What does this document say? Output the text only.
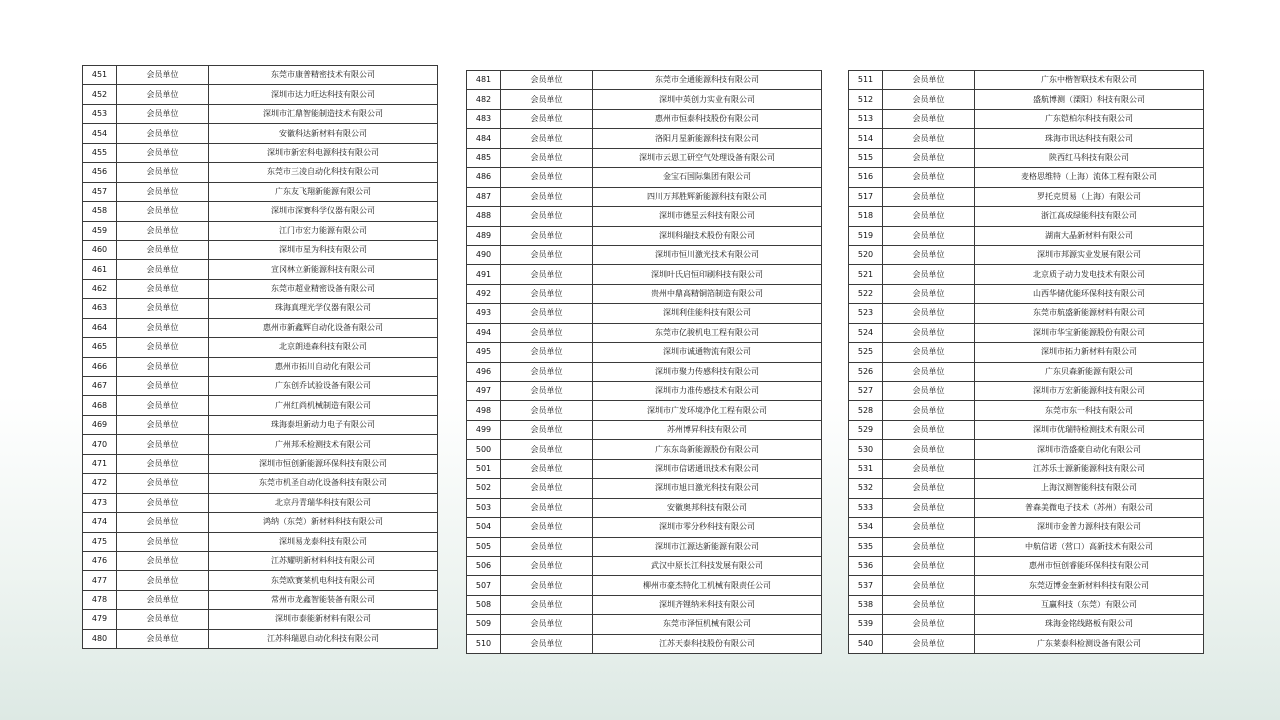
451	会员单位	东莞市康普精密技术有限公司
452	会员单位	深圳市达力旺达科技有限公司
453	会员单位	深圳市汇鼎智能制造技术有限公司
454	会员单位	安徽科达新材料有限公司
455	会员单位	深圳市新宏科电源科技有限公司
456	会员单位	东莞市三凌自动化科技有限公司
457	会员单位	广东友飞翔新能源有限公司
458	会员单位	深圳市深赛科学仪器有限公司
459	会员单位	江门市宏力能源有限公司
460	会员单位	深圳市星为科技有限公司
461	会员单位	宣冈林立新能源科技有限公司
462	会员单位	东莞市超业精密设备有限公司
463	会员单位	珠海真理光学仪器有限公司
464	会员单位	惠州市新鑫辉自动化设备有限公司
465	会员单位	北京朗逵森科技有限公司
466	会员单位	惠州市拓川自动化有限公司
467	会员单位	广东创乔试验设备有限公司
468	会员单位	广州红尚机械制造有限公司
469	会员单位	珠海泰坦新动力电子有限公司
470	会员单位	广州邦禾检测技术有限公司
471	会员单位	深圳市恒创新能源环保科技有限公司
472	会员单位	东莞市机圣自动化设备科技有限公司
473	会员单位	北京丹青瑞华科技有限公司
474	会员单位	鸿纳（东莞）新材料科技有限公司
475	会员单位	深圳易龙泰科技有限公司
476	会员单位	江苏耀明新材料科技有限公司
477	会员单位	东莞欧赛莱机电科技有限公司
478	会员单位	常州市龙鑫智能装备有限公司
479	会员单位	深圳市泰能新材料有限公司
480	会员单位	江苏科瑞恩自动化科技有限公司
481	会员单位	东莞市全通能源科技有限公司
482	会员单位	深圳中英创力实业有限公司
483	会员单位	惠州市恒泰科技股份有限公司
484	会员单位	洛阳月星新能源科技有限公司
485	会员单位	深圳市云恩工研空气处理设备有限公司
486	会员单位	金宝石国际集团有限公司
487	会员单位	四川万邦胜辉新能源科技有限公司
488	会员单位	深圳市德星云科技有限公司
489	会员单位	深圳科瑞技术股份有限公司
490	会员单位	深圳市恒川激光技术有限公司
491	会员单位	深圳叶氏启恒印刷科技有限公司
492	会员单位	贵州中鼎高精铜箔制造有限公司
493	会员单位	深圳利佳能科技有限公司
494	会员单位	东莞市亿骏机电工程有限公司
495	会员单位	深圳市诚通物流有限公司
496	会员单位	深圳市聚力传感科技有限公司
497	会员单位	深圳市力准传感技术有限公司
498	会员单位	深圳市广发环境净化工程有限公司
499	会员单位	苏州博昇科技有限公司
500	会员单位	广东东岛新能源股份有限公司
501	会员单位	深圳市信诺通讯技术有限公司
502	会员单位	深圳市旭日激光科技有限公司
503	会员单位	安徽奥邦科技有限公司
504	会员单位	深圳市零分秒科技有限公司
505	会员单位	深圳市江源达新能源有限公司
506	会员单位	武汉中原长江科技发展有限公司
507	会员单位	柳州市豪杰特化工机械有限责任公司
508	会员单位	深圳齐锂纳米科技有限公司
509	会员单位	东莞市泽恒机械有限公司
510	会员单位	江苏天泰科技股份有限公司
511	会员单位	广东中楷智联技术有限公司
512	会员单位	盛航博测（溧阳）科技有限公司
513	会员单位	广东铠柏尔科技有限公司
514	会员单位	珠海市讯达科技有限公司
515	会员单位	陕西红马科技有限公司
516	会员单位	麦格思维特（上海）流体工程有限公司
517	会员单位	罗托克贸易（上海）有限公司
518	会员单位	浙江高成绿能科技有限公司
519	会员单位	湖南大晶新材料有限公司
520	会员单位	深圳市邦源实业发展有限公司
521	会员单位	北京质子动力发电技术有限公司
522	会员单位	山西华储优能环保科技有限公司
523	会员单位	东莞市航盛新能源材料有限公司
524	会员单位	深圳市华宝新能源股份有限公司
525	会员单位	深圳市拓力新材料有限公司
526	会员单位	广东贝森新能源有限公司
527	会员单位	深圳市万宏新能源科技有限公司
528	会员单位	东莞市东一科技有限公司
529	会员单位	深圳市优瑞特检测技术有限公司
530	会员单位	深圳市浩盛豪自动化有限公司
531	会员单位	江苏乐士源新能源科技有限公司
532	会员单位	上海汉测智能科技有限公司
533	会员单位	普森美微电子技术（苏州）有限公司
534	会员单位	深圳市金普力源科技有限公司
535	会员单位	中航信诺（营口）高新技术有限公司
536	会员单位	惠州市恒创睿能环保科技有限公司
537	会员单位	东莞迈博金奎新材料科技有限公司
538	会员单位	互赢科技（东莞）有限公司
539	会员单位	珠海金铭线路板有限公司
540	会员单位	广东莱泰科检测设备有限公司
